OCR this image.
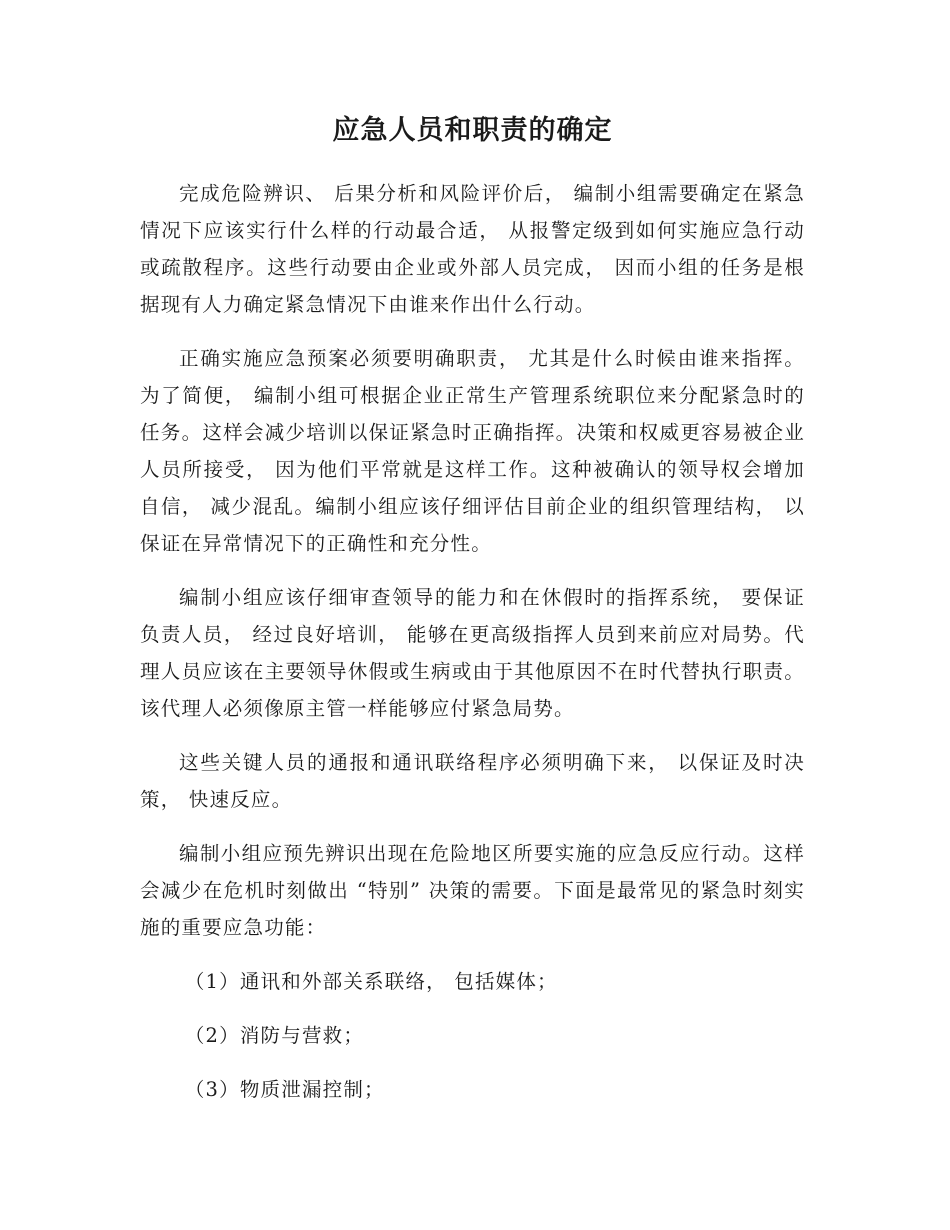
应急人员和职责的确定

完成危险辨识、 后果分析和风险评价后， 编制小组需要确定在紧急情况下应该实行什么样的行动最合适， 从报警定级到如何实施应急行动或疏散程序。这些行动要由企业或外部人员完成， 因而小组的任务是根据现有人力确定紧急情况下由谁来作出什么行动。

正确实施应急预案必须要明确职责， 尤其是什么时候由谁来指挥。为了简便， 编制小组可根据企业正常生产管理系统职位来分配紧急时的任务。这样会减少培训以保证紧急时正确指挥。决策和权威更容易被企业人员所接受， 因为他们平常就是这样工作。这种被确认的领导权会增加自信， 减少混乱。编制小组应该仔细评估目前企业的组织管理结构， 以保证在异常情况下的正确性和充分性。

编制小组应该仔细审查领导的能力和在休假时的指挥系统， 要保证负责人员， 经过良好培训， 能够在更高级指挥人员到来前应对局势。代理人员应该在主要领导休假或生病或由于其他原因不在时代替执行职责。该代理人必须像原主管一样能够应付紧急局势。

这些关键人员的通报和通讯联络程序必须明确下来， 以保证及时决策， 快速反应。

编制小组应预先辨识出现在危险地区所要实施的应急反应行动。这样会减少在危机时刻做出 “特别” 决策的需要。下面是最常见的紧急时刻实施的重要应急功能：

（1）通讯和外部关系联络， 包括媒体；

（2）消防与营救；

（3）物质泄漏控制；
